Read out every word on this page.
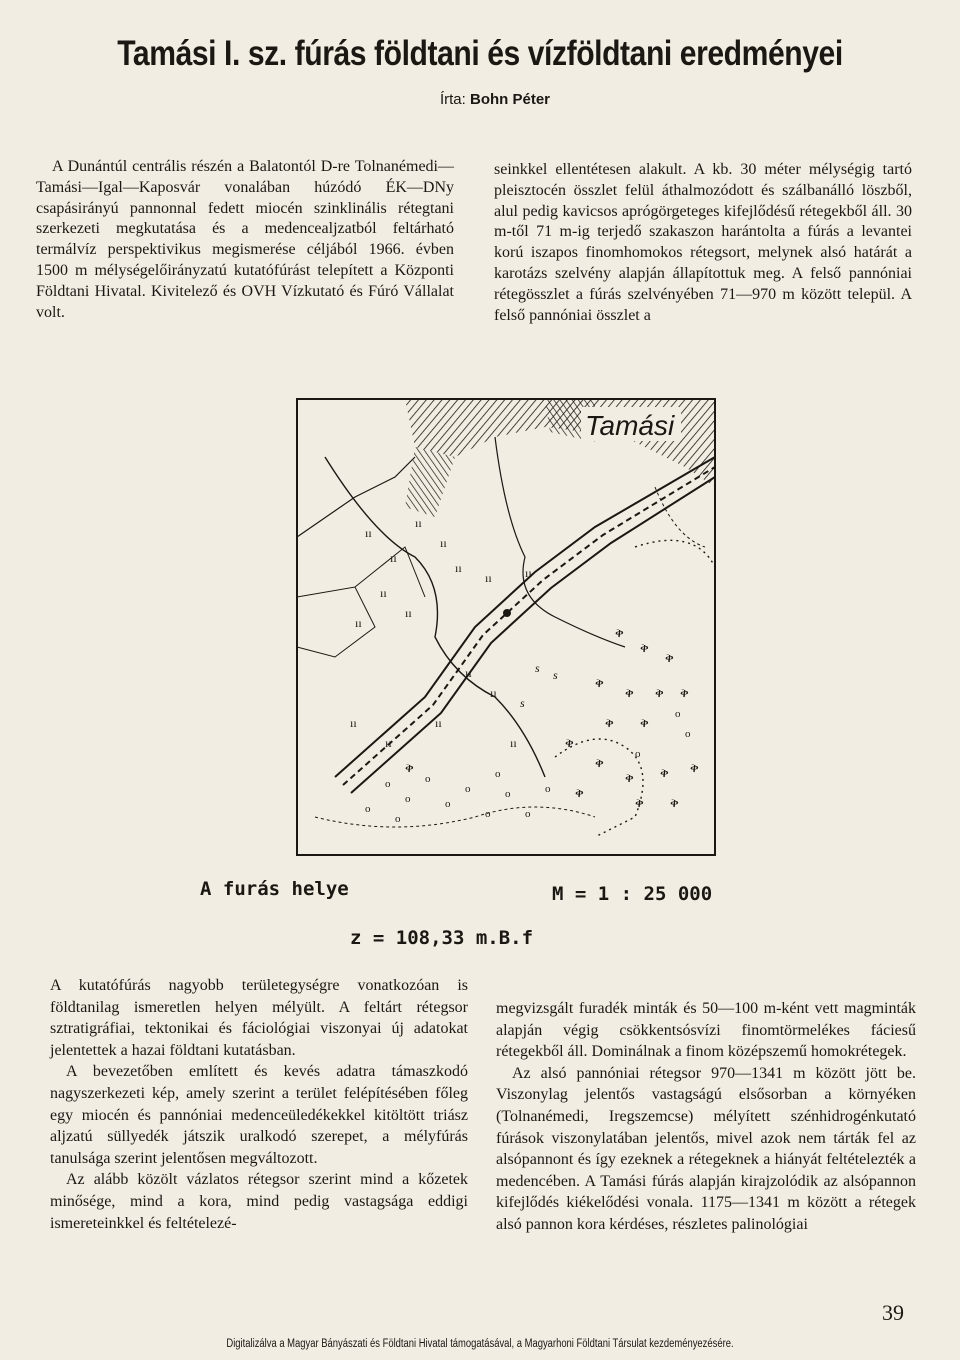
Tamási I. sz. fúrás földtani és vízföldtani eredményei
Írta: Bohn Péter

A Dunántúl centrális részén a Balatontól D-re Tolnanémedi—Tamási—Igal—Kaposvár vonalában húzódó ÉK—DNy csapásirányú pannonnal fedett miocén szinklinális rétegtani szerkezeti megkutatása és a medencealjzatból feltárható termálvíz perspektivikus megismerése céljából 1966. évben 1500 m mélységelőirányzatú kutatófúrást telepített a Központi Földtani Hivatal. Kivitelező és OVH Vízkutató és Fúró Vállalat volt.

seinkkel ellentétesen alakult. A kb. 30 méter mélységig tartó pleisztocén összlet felül áthalmozódott és szálbanálló löszből, alul pedig kavicsos aprógörgeteges kifejlődésű rétegekből áll. 30 m-től 71 m-ig terjedő szakaszon harántolta a fúrás a levantei korú iszapos finomhomokos rétegsort, melynek alsó határát a karotázs szelvény alapján állapítottuk meg. A felső pannóniai rétegösszlet a fúrás szelvényében 71—970 m között települ. A felső pannóniai összlet a

ıı
ıı
ıı
ıı
ıı
ıı
ıı
ıı
ıı
ıı
ıı
ıı
ıı
ıı
ıı
ıı
o
o
o
o
o
o
o
o
o
o
o
o
o
o
o
ቅ
ቅ
ቅ
ቅ
ቅ ቅ ቅ
ቅ ቅ
ቅ
ቅ
ቅ ቅ ቅ
ቅ
ቅ ቅ
ቅ
s s
s
Tamási
A furás helye	M = 1 : 25 000
z = 108,33 m.B.f

A kutatófúrás nagyobb területegységre vonatkozóan is földtanilag ismeretlen helyen mélyült. A feltárt rétegsor sztratigráfiai, tektonikai és fáciológiai viszonyai új adatokat jelentettek a hazai földtani kutatásban.

A bevezetőben említett és kevés adatra támaszkodó nagyszerkezeti kép, amely szerint a terület felépítésében főleg egy miocén és pannóniai medenceüledékekkel kitöltött triász aljzatú süllyedék játszik uralkodó szerepet, a mélyfúrás tanulsága szerint jelentősen megváltozott.

Az alább közölt vázlatos rétegsor szerint mind a kőzetek minősége, mind a kora, mind pedig vastagsága eddigi ismereteinkkel és feltételezé-

megvizsgált furadék minták és 50—100 m-ként vett magminták alapján végig csökkentsósvízi finomtörmelékes fáciesű rétegekből áll. Dominálnak a finom középszemű homokrétegek.

Az alsó pannóniai rétegsor 970—1341 m között jött be. Viszonylag jelentős vastagságú elsősorban a környéken (Tolnanémedi, Iregszemcse) mélyített szénhidrogénkutató fúrások viszonylatában jelentős, mivel azok nem tárták fel az alsópannont és így ezeknek a rétegeknek a hiányát feltételezték a medencében. A Tamási fúrás alapján kirajzolódik az alsópannon kifejlődés kiékelődési vonala. 1175—1341 m között a rétegek alsó pannon kora kérdéses, részletes palinológiai

39
Digitalizálva a Magyar Bányászati és Földtani Hivatal támogatásával, a Magyarhoni Földtani Társulat kezdeményezésére.
